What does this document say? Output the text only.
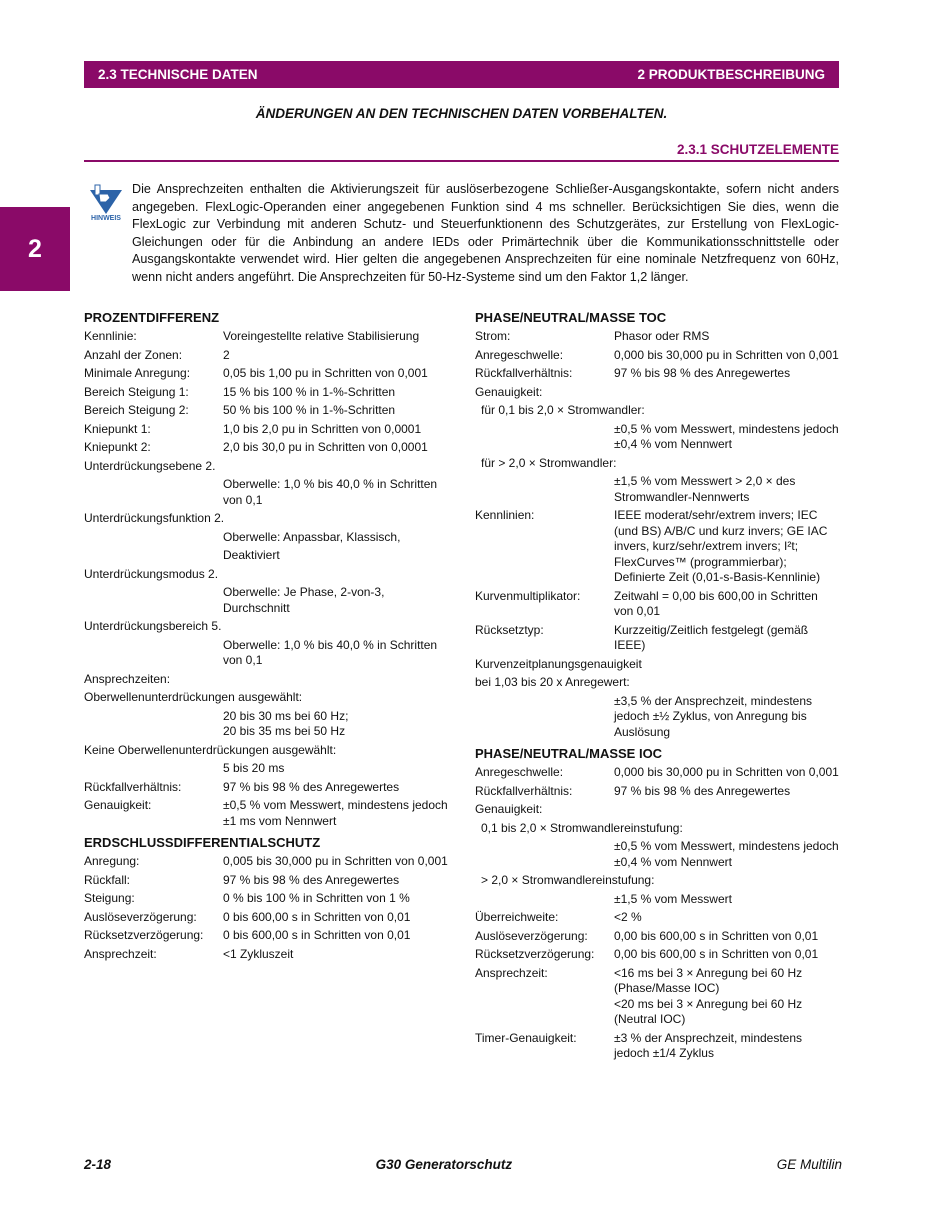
2.3 TECHNISCHE DATEN	2 PRODUKTBESCHREIBUNG
2
ÄNDERUNGEN AN DEN TECHNISCHEN DATEN VORBEHALTEN.
2.3.1 SCHUTZELEMENTE
HINWEIS
Die Ansprechzeiten enthalten die Aktivierungszeit für auslöserbezogene Schließer-Ausgangskontakte, sofern nicht anders angegeben. FlexLogic-Operanden einer angegebenen Funktion sind 4 ms schneller. Berücksichtigen Sie dies, wenn die FlexLogic zur Verbindung mit anderen Schutz- und Steuerfunktionenn des Schutzgerätes, zur Erstellung von FlexLogic-Gleichungen oder für die Anbindung an andere IEDs oder Primärtechnik über die Kommunikationsschnittstelle oder Ausgangskontakte verwendet wird. Hier gelten die angegebenen Ansprechzeiten für eine nominale Netzfrequenz von 60Hz, wenn nicht anders angeführt. Die Ansprechzeiten für 50-Hz-Systeme sind um den Faktor 1,2 länger.
PROZENTDIFFERENZ
Kennlinie:	Voreingestellte relative Stabilisierung
Anzahl der Zonen:	2
Minimale Anregung:	0,05 bis 1,00 pu in Schritten von 0,001
Bereich Steigung 1:	15 % bis 100 % in 1-%-Schritten
Bereich Steigung 2:	50 % bis 100 % in 1-%-Schritten
Kniepunkt 1:	1,0 bis 2,0 pu in Schritten von 0,0001
Kniepunkt 2:	2,0 bis 30,0 pu in Schritten von 0,0001
Unterdrückungsebene 2.
Oberwelle: 1,0 % bis 40,0 % in Schritten von 0,1
Unterdrückungsfunktion 2.
Oberwelle: Anpassbar, Klassisch,
Deaktiviert
Unterdrückungsmodus 2.
Oberwelle: Je Phase, 2-von-3, Durchschnitt
Unterdrückungsbereich 5.
Oberwelle: 1,0 % bis 40,0 % in Schritten von 0,1
Ansprechzeiten:
Oberwellenunterdrückungen ausgewählt:
20 bis 30 ms bei 60 Hz;
20 bis 35 ms bei 50 Hz
Keine Oberwellenunterdrückungen ausgewählt:
5 bis 20 ms
Rückfallverhältnis:	97 % bis 98 % des Anregewertes
Genauigkeit:	±0,5 % vom Messwert, mindestens jedoch ±1 ms vom Nennwert
ERDSCHLUSSDIFFERENTIALSCHUTZ
Anregung:	0,005 bis 30,000 pu in Schritten von 0,001
Rückfall:	97 % bis 98 % des Anregewertes
Steigung:	0 % bis 100 % in Schritten von 1 %
Auslöseverzögerung:	0 bis 600,00 s in Schritten von 0,01
Rücksetzverzögerung:	0 bis 600,00 s in Schritten von 0,01
Ansprechzeit:	<1 Zykluszeit
PHASE/NEUTRAL/MASSE TOC
Strom:	Phasor oder RMS
Anregeschwelle:	0,000 bis 30,000 pu in Schritten von 0,001
Rückfallverhältnis:	97 % bis 98 % des Anregewertes
Genauigkeit:
für 0,1 bis 2,0 × Stromwandler:
±0,5 % vom Messwert, mindestens jedoch ±0,4 % vom Nennwert
für > 2,0 × Stromwandler:
±1,5 % vom Messwert > 2,0 × des Stromwandler-Nennwerts
Kennlinien:	IEEE moderat/sehr/extrem invers; IEC (und BS) A/B/C und kurz invers; GE IAC invers, kurz/sehr/extrem invers; I²t; FlexCurves™ (programmierbar); Definierte Zeit (0,01-s-Basis-Kennlinie)
Kurvenmultiplikator:	Zeitwahl = 0,00 bis 600,00 in Schritten von 0,01
Rücksetztyp:	Kurzzeitig/Zeitlich festgelegt (gemäß IEEE)
Kurvenzeitplanungsgenauigkeit
bei 1,03 bis 20 x Anregewert:
±3,5 % der Ansprechzeit, mindestens jedoch ±½ Zyklus, von Anregung bis Auslösung
PHASE/NEUTRAL/MASSE IOC
Anregeschwelle:	0,000 bis 30,000 pu in Schritten von 0,001
Rückfallverhältnis:	97 % bis 98 % des Anregewertes
Genauigkeit:
0,1 bis 2,0 × Stromwandlereinstufung:
±0,5 % vom Messwert, mindestens jedoch ±0,4 % vom Nennwert
> 2,0 × Stromwandlereinstufung:
±1,5 % vom Messwert
Überreichweite:	<2 %
Auslöseverzögerung:	0,00 bis 600,00 s in Schritten von 0,01
Rücksetzverzögerung:	0,00 bis 600,00 s in Schritten von 0,01
Ansprechzeit:	<16 ms bei 3 × Anregung bei 60 Hz (Phase/Masse IOC)
<20 ms bei 3 × Anregung bei 60 Hz (Neutral IOC)
Timer-Genauigkeit:	±3 % der Ansprechzeit, mindestens jedoch ±1/4 Zyklus
2-18	G30 Generatorschutz	GE Multilin
